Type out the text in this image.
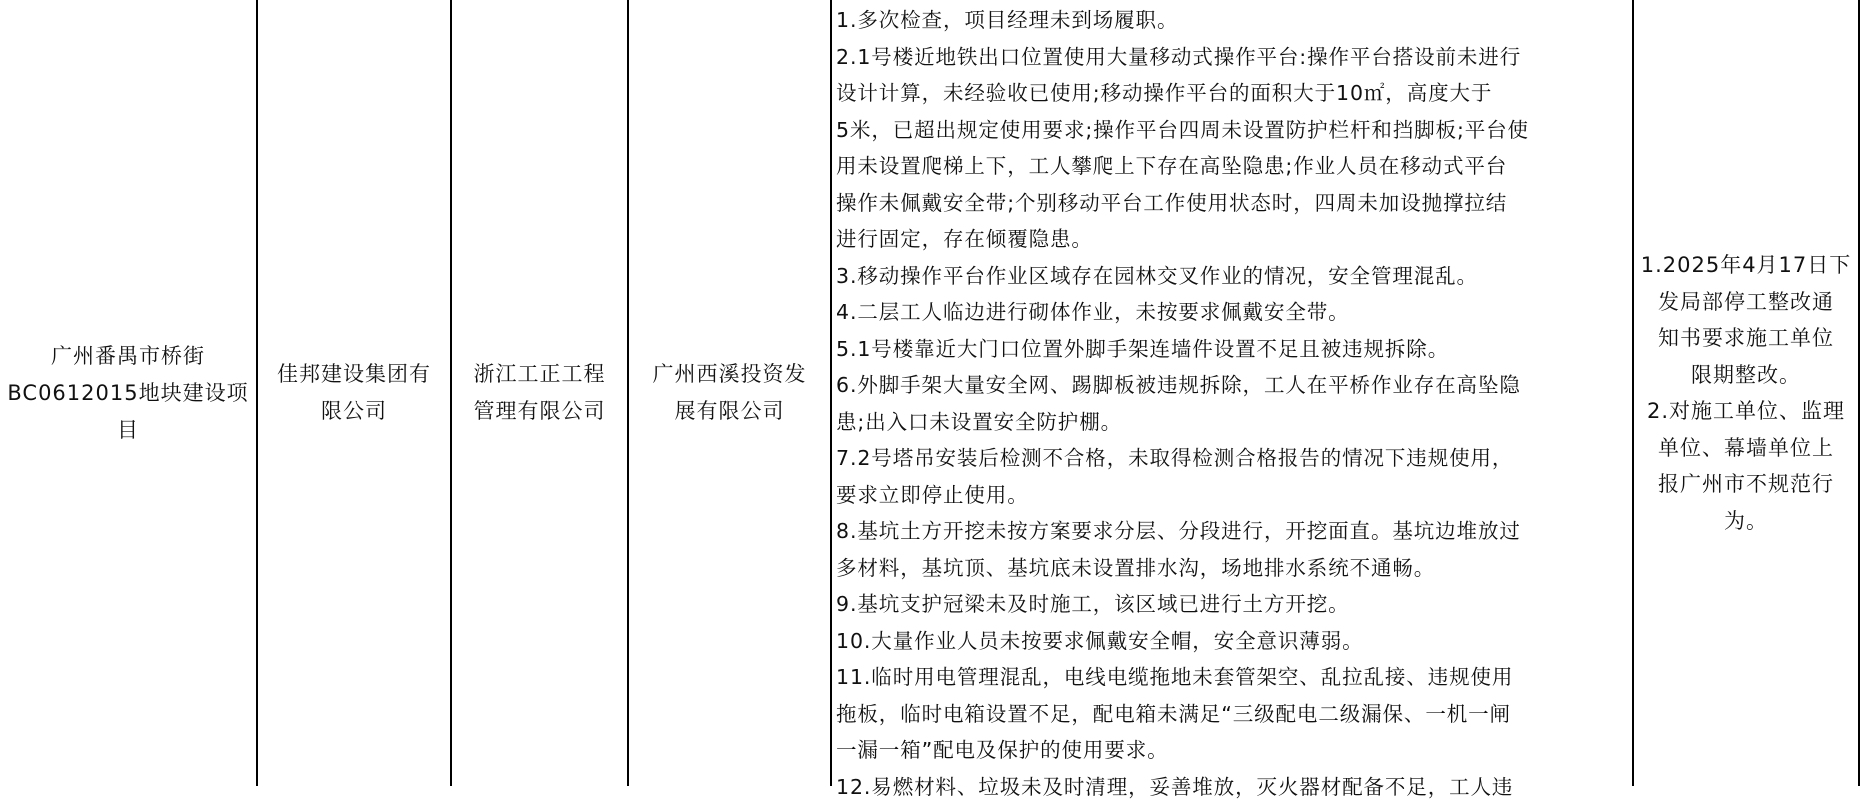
广州番禺市桥街
BC0612015地块建设项
目
佳邦建设集团有
限公司
浙江工正工程
管理有限公司
广州西溪投资发
展有限公司
1.多次检查，项目经理未到场履职。
2.1号楼近地铁出口位置使用大量移动式操作平台:操作平台搭设前未进行
设计计算，未经验收已使用;移动操作平台的面积大于10㎡，高度大于
5米，已超出规定使用要求;操作平台四周未设置防护栏杆和挡脚板;平台使
用未设置爬梯上下，工人攀爬上下存在高坠隐患;作业人员在移动式平台
操作未佩戴安全带;个别移动平台工作使用状态时，四周未加设抛撑拉结
进行固定，存在倾覆隐患。
3.移动操作平台作业区域存在园林交叉作业的情况，安全管理混乱。
4.二层工人临边进行砌体作业，未按要求佩戴安全带。
5.1号楼靠近大门口位置外脚手架连墙件设置不足且被违规拆除。
6.外脚手架大量安全网、踢脚板被违规拆除，工人在平桥作业存在高坠隐
患;出入口未设置安全防护棚。
7.2号塔吊安装后检测不合格，未取得检测合格报告的情况下违规使用，
要求立即停止使用。
8.基坑土方开挖未按方案要求分层、分段进行，开挖面直。基坑边堆放过
多材料，基坑顶、基坑底未设置排水沟，场地排水系统不通畅。
9.基坑支护冠梁未及时施工，该区域已进行土方开挖。
10.大量作业人员未按要求佩戴安全帽，安全意识薄弱。
11.临时用电管理混乱，电线电缆拖地未套管架空、乱拉乱接、违规使用
拖板，临时电箱设置不足，配电箱未满足“三级配电二级漏保、一机一闸
一漏一箱”配电及保护的使用要求。
12.易燃材料、垃圾未及时清理，妥善堆放，灭火器材配备不足，工人违
1.2025年4月17日下
发局部停工整改通
知书要求施工单位
限期整改。
2.对施工单位、监理
单位、幕墙单位上
报广州市不规范行
为。
